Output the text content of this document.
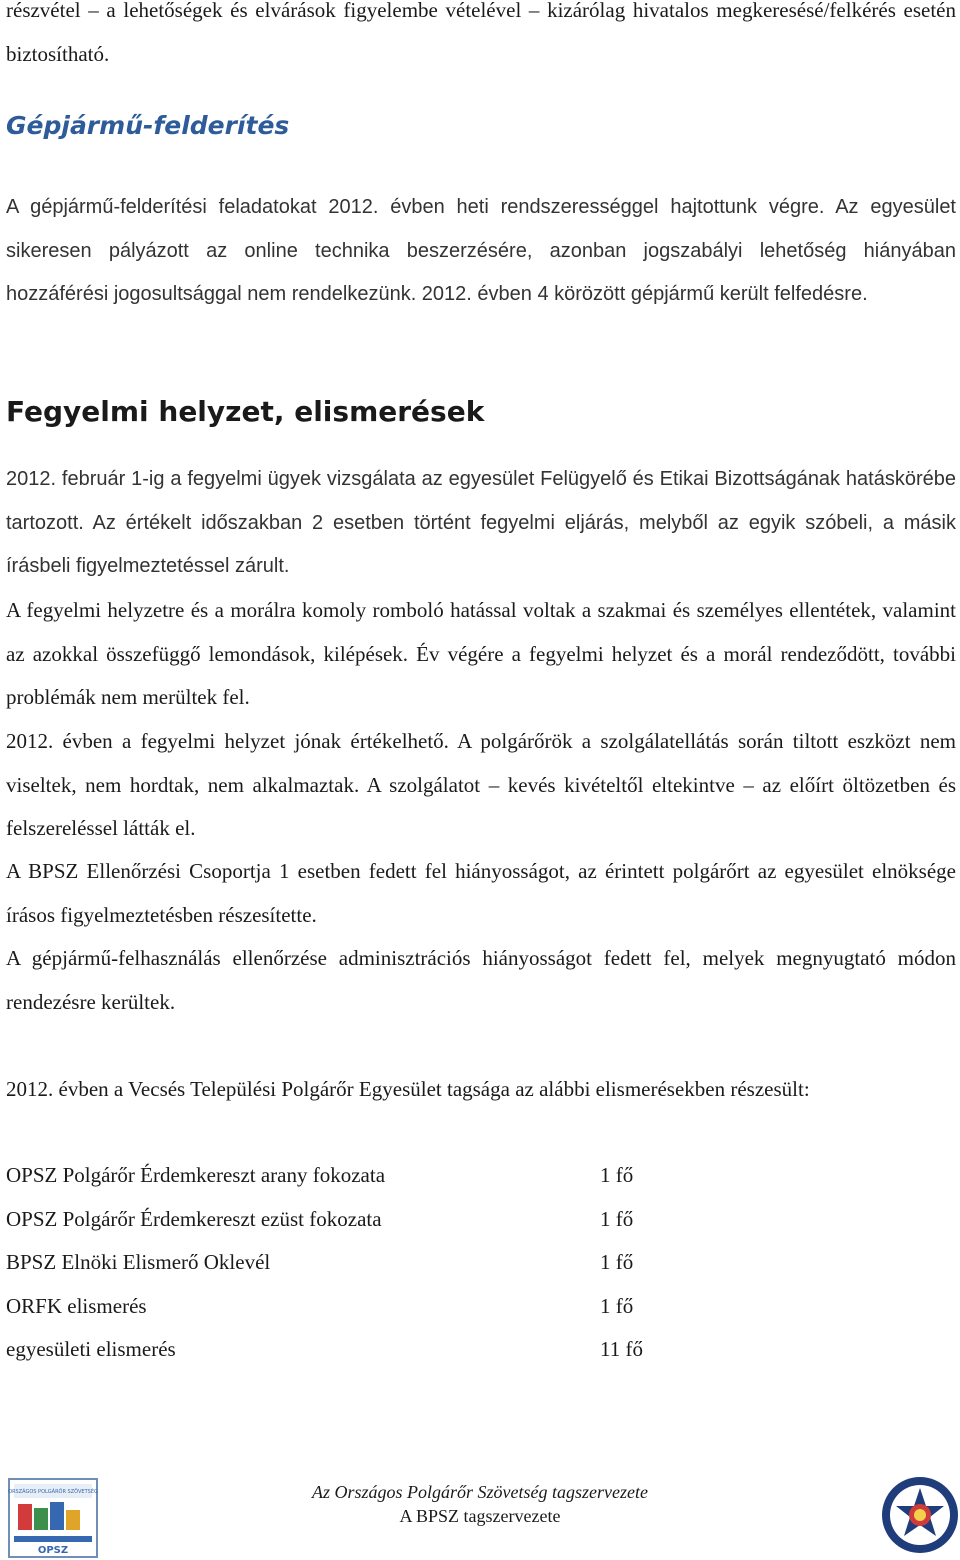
részvétel – a lehetőségek és elvárások figyelembe vételével – kizárólag hivatalos megkeresésé/felkérés esetén biztosítható.

Gépjármű-felderítés

A gépjármű-felderítési feladatokat 2012. évben heti rendszerességgel hajtottunk végre. Az egyesület sikeresen pályázott az online technika beszerzésére, azonban jogszabályi lehetőség hiányában hozzáférési jogosultsággal nem rendelkezünk. 2012. évben 4 körözött gépjármű került felfedésre.

Fegyelmi helyzet, elismerések

2012. február 1-ig a fegyelmi ügyek vizsgálata az egyesület Felügyelő és Etikai Bizottságának hatáskörébe tartozott. Az értékelt időszakban 2 esetben történt fegyelmi eljárás, melyből az egyik szóbeli, a másik írásbeli figyelmeztetéssel zárult.

A fegyelmi helyzetre és a morálra komoly romboló hatással voltak a szakmai és személyes ellentétek, valamint az azokkal összefüggő lemondások, kilépések. Év végére a fegyelmi helyzet és a morál rendeződött, további problémák nem merültek fel.

2012. évben a fegyelmi helyzet jónak értékelhető. A polgárőrök a szolgálatellátás során tiltott eszközt nem viseltek, nem hordtak, nem alkalmaztak. A szolgálatot – kevés kivételtől eltekintve – az előírt öltözetben és felszereléssel látták el.

A BPSZ Ellenőrzési Csoportja 1 esetben fedett fel hiányosságot, az érintett polgárőrt az egyesület elnöksége írásos figyelmeztetésben részesítette.

A gépjármű-felhasználás ellenőrzése adminisztrációs hiányosságot fedett fel, melyek megnyugtató módon rendezésre kerültek.

2012. évben a Vecsés Települési Polgárőr Egyesület tagsága az alábbi elismerésekben részesült:

OPSZ Polgárőr Érdemkereszt arany fokozata	1 fő
OPSZ Polgárőr Érdemkereszt ezüst fokozata	1 fő
BPSZ Elnöki Elismerő Oklevél	1 fő
ORFK elismerés	1 fő
egyesületi elismerés	11 fő
OPSZ
ORSZÁGOS POLGÁRŐR SZÖVETSÉG	Az Országos Polgárőr Szövetség tagszervezete
A BPSZ tagszervezete
